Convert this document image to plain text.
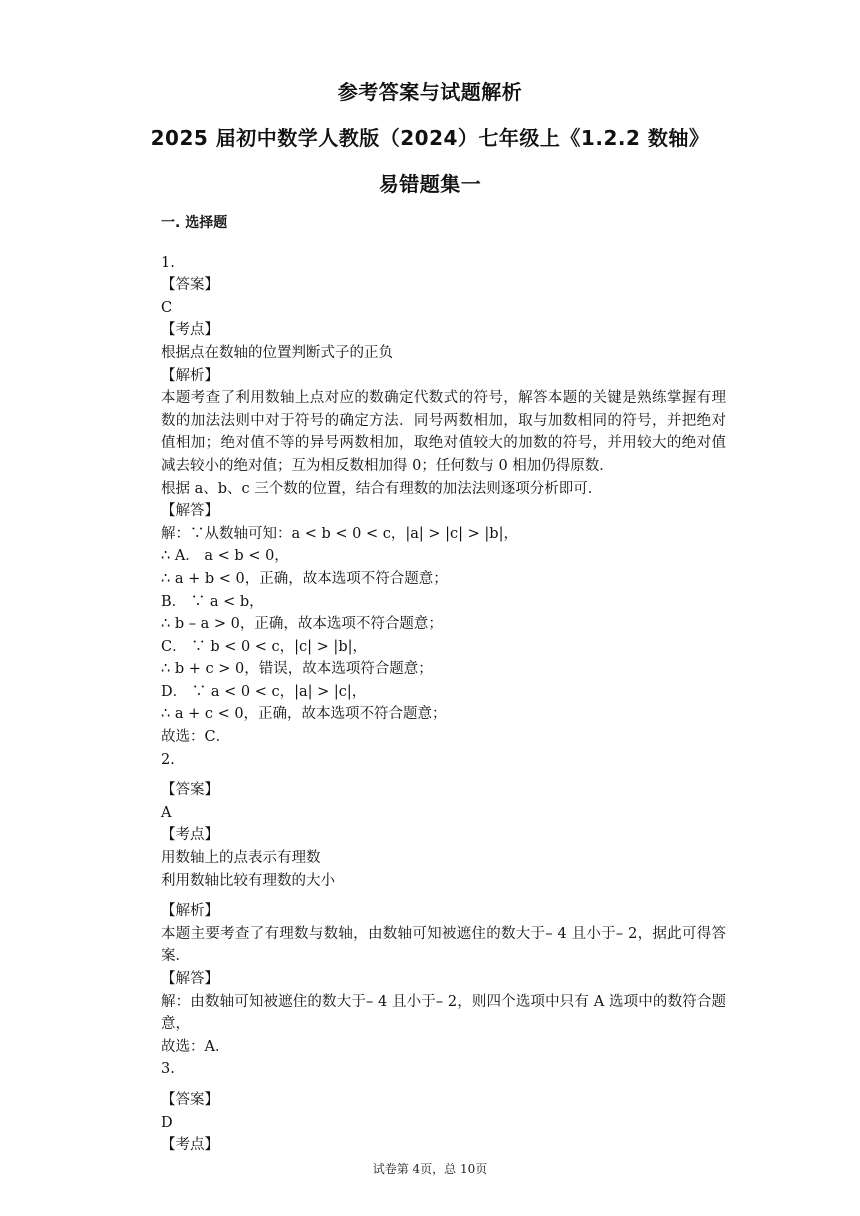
参考答案与试题解析
2025 届初中数学人教版（2024）七年级上《1.2.2 数轴》
易错题集一
一. 选择题
1.
【答案】
C
【考点】
根据点在数轴的位置判断式子的正负
【解析】
本题考查了利用数轴上点对应的数确定代数式的符号，解答本题的关键是熟练掌握有理数的加法法则中对于符号的确定方法．同号两数相加，取与加数相同的符号，并把绝对值相加；绝对值不等的异号两数相加，取绝对值较大的加数的符号，并用较大的绝对值减去较小的绝对值；互为相反数相加得 0；任何数与 0 相加仍得原数．
根据 a、b、c 三个数的位置，结合有理数的加法法则逐项分析即可．
【解答】
解：∵从数轴可知：a < b < 0 < c，|a| > |c| > |b|，
∴ A． a < b < 0，
∴ a + b < 0，正确，故本选项不符合题意；
B． ∵ a < b，
∴ b – a > 0，正确，故本选项不符合题意；
C． ∵ b < 0 < c，|c| > |b|，
∴ b + c > 0，错误，故本选项符合题意；
D． ∵ a < 0 < c，|a| > |c|，
∴ a + c < 0，正确，故本选项不符合题意；
故选：C．
2.
【答案】
A
【考点】
用数轴上的点表示有理数
利用数轴比较有理数的大小
【解析】
本题主要考查了有理数与数轴，由数轴可知被遮住的数大于– 4 且小于– 2，据此可得答案．
【解答】
解：由数轴可知被遮住的数大于– 4 且小于– 2，则四个选项中只有 A 选项中的数符合题意，
故选：A．
3.
【答案】
D
【考点】
试卷第 4页，总 10页
